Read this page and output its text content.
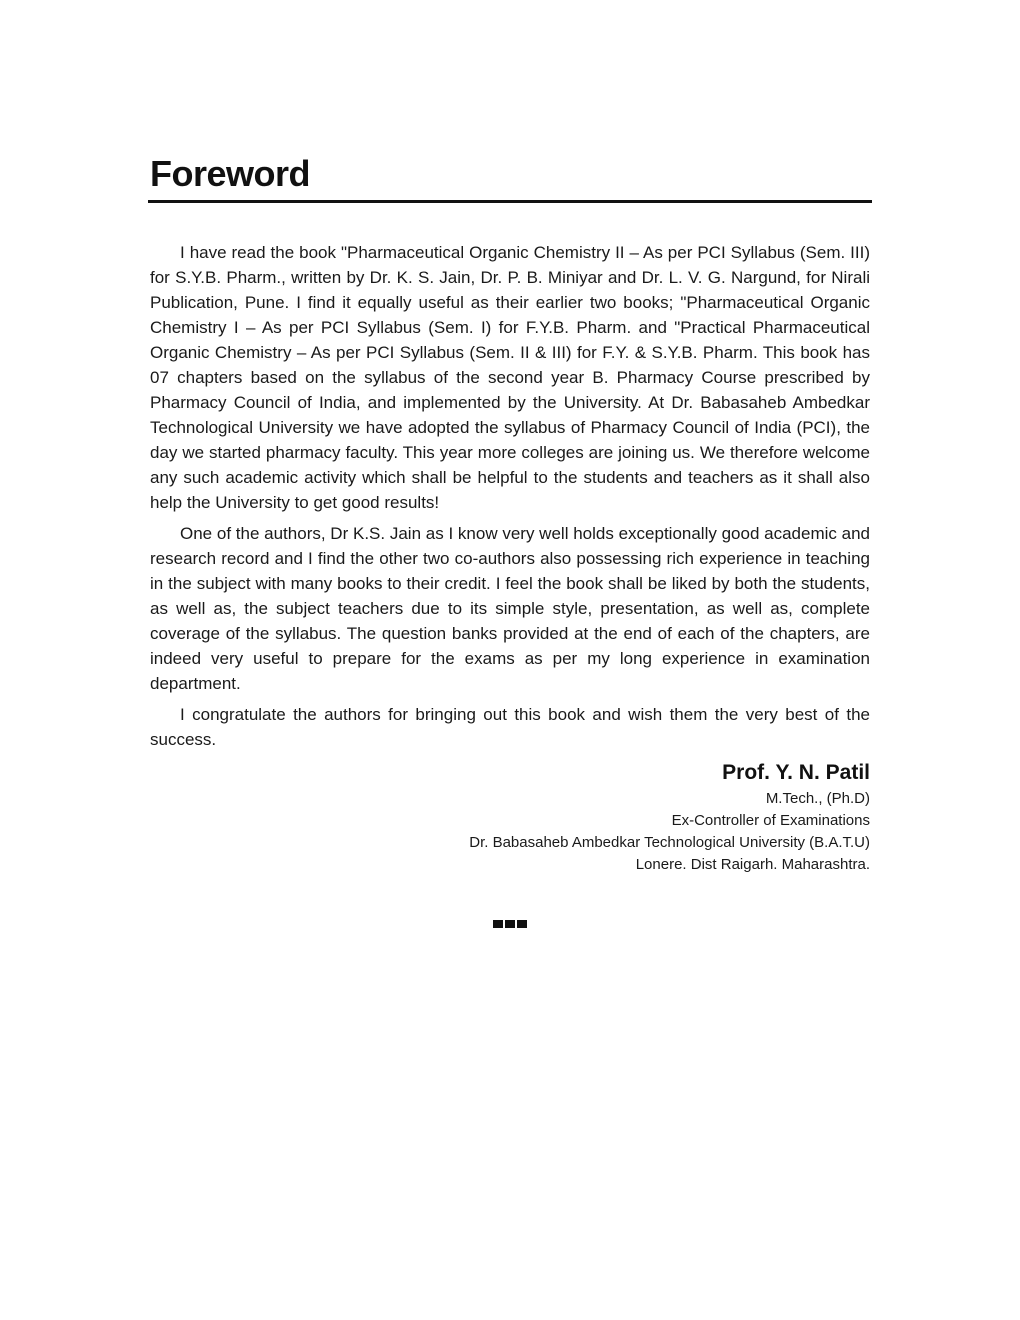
Foreword

I have read the book "Pharmaceutical Organic Chemistry II – As per PCI Syllabus (Sem. III) for S.Y.B. Pharm., written by Dr. K. S. Jain, Dr. P. B. Miniyar and Dr. L. V. G. Nargund, for Nirali Publication, Pune. I find it equally useful as their earlier two books; "Pharmaceutical Organic Chemistry I – As per PCI Syllabus (Sem. I) for F.Y.B. Pharm. and "Practical Pharmaceutical Organic Chemistry – As per PCI Syllabus (Sem. II & III) for F.Y. & S.Y.B. Pharm. This book has 07 chapters based on the syllabus of the second year B. Pharmacy Course prescribed by Pharmacy Council of India, and implemented by the University. At Dr. Babasaheb Ambedkar Technological University we have adopted the syllabus of Pharmacy Council of India (PCI), the day we started pharmacy faculty. This year more colleges are joining us. We therefore welcome any such academic activity which shall be helpful to the students and teachers as it shall also help the University to get good results!

One of the authors, Dr K.S. Jain as I know very well holds exceptionally good academic and research record and I find the other two co-authors also possessing rich experience in teaching in the subject with many books to their credit. I feel the book shall be liked by both the students, as well as, the subject teachers due to its simple style, presentation, as well as, complete coverage of the syllabus. The question banks provided at the end of each of the chapters, are indeed very useful to prepare for the exams as per my long experience in examination department.

I congratulate the authors for bringing out this book and wish them the very best of the success.

Prof. Y. N. Patil
M.Tech., (Ph.D)
Ex-Controller of Examinations
Dr. Babasaheb Ambedkar Technological University (B.A.T.U)
Lonere. Dist Raigarh. Maharashtra.
